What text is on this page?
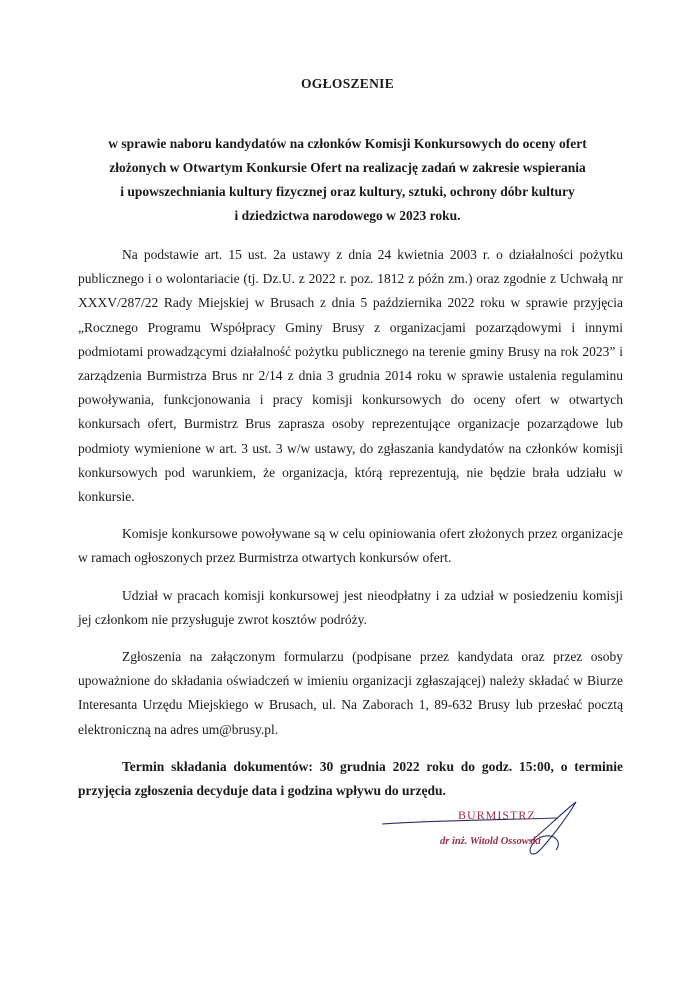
OGŁOSZENIE
w sprawie naboru kandydatów na członków Komisji Konkursowych do oceny ofert
złożonych w Otwartym Konkursie Ofert na realizację zadań w zakresie wspierania
i upowszechniania kultury fizycznej oraz kultury, sztuki, ochrony dóbr kultury
i dziedzictwa narodowego w 2023 roku.

Na podstawie art. 15 ust. 2a ustawy z dnia 24 kwietnia 2003 r. o działalności pożytku publicznego i o wolontariacie (tj. Dz.U. z 2022 r. poz. 1812 z późn zm.) oraz zgodnie z Uchwałą nr XXXV/287/22 Rady Miejskiej w Brusach z dnia 5 października 2022 roku w sprawie przyjęcia „Rocznego Programu Współpracy Gminy Brusy z organizacjami pozarządowymi i innymi podmiotami prowadzącymi działalność pożytku publicznego na terenie gminy Brusy na rok 2023” i zarządzenia Burmistrza Brus nr 2/14 z dnia 3 grudnia 2014 roku w sprawie ustalenia regulaminu powoływania, funkcjonowania i pracy komisji konkursowych do oceny ofert w otwartych konkursach ofert, Burmistrz Brus zaprasza osoby reprezentujące organizacje pozarządowe lub podmioty wymienione w art. 3 ust. 3 w/w ustawy, do zgłaszania kandydatów na członków komisji konkursowych pod warunkiem, że organizacja, którą reprezentują, nie będzie brała udziału w konkursie.

Komisje konkursowe powoływane są w celu opiniowania ofert złożonych przez organizacje w ramach ogłoszonych przez Burmistrza otwartych konkursów ofert.

Udział w pracach komisji konkursowej jest nieodpłatny i za udział w posiedzeniu komisji jej członkom nie przysługuje zwrot kosztów podróży.

Zgłoszenia na załączonym formularzu (podpisane przez kandydata oraz przez osoby upoważnione do składania oświadczeń w imieniu organizacji zgłaszającej) należy składać w Biurze Interesanta Urzędu Miejskiego w Brusach, ul. Na Zaborach 1, 89-632 Brusy lub przesłać pocztą elektroniczną na adres um@brusy.pl.

Termin składania dokumentów: 30 grudnia 2022 roku do godz. 15:00, o terminie przyjęcia zgłoszenia decyduje data i godzina wpływu do urzędu.

BURMISTRZ
dr inż. Witold Ossowski
